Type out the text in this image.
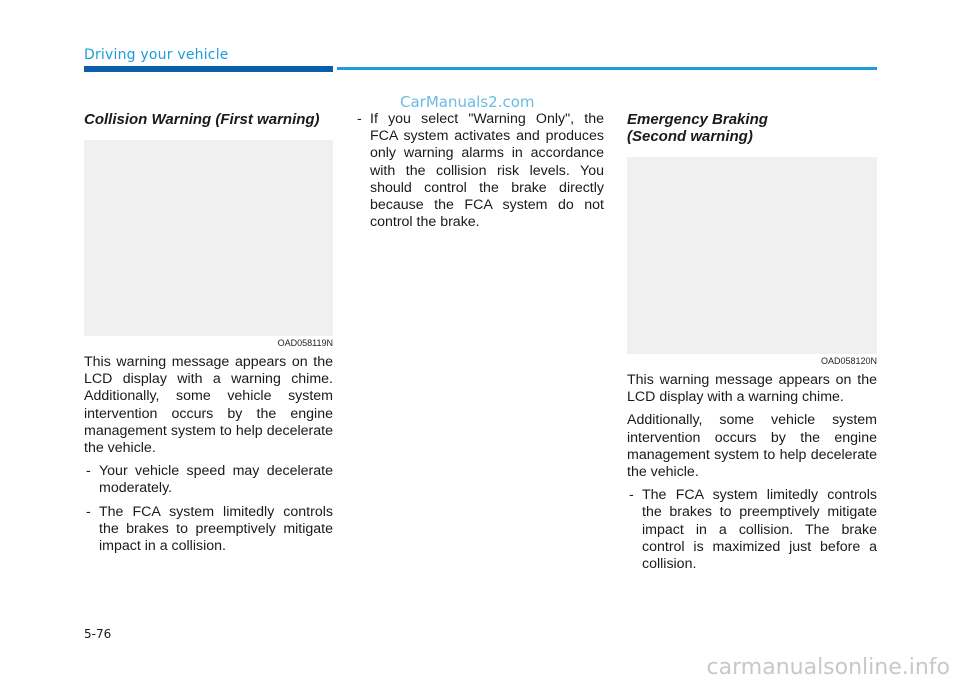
Driving your vehicle
CarManuals2.com
Collision Warning (First warning)
OAD058119N

This warning message appears on the LCD display with a warning chime. Additionally, some vehicle system intervention occurs by the engine management system to help decelerate the vehicle.

- Your vehicle speed may decelerate moderately.
- The FCA system limitedly controls the brakes to preemptively mitigate impact in a collision.
- If you select "Warning Only", the FCA system activates and produces only warning alarms in accordance with the collision risk levels. You should control the brake directly because the FCA system do not control the brake.
Emergency Braking
(Second warning)
OAD058120N

This warning message appears on the LCD display with a warning chime.

Additionally, some vehicle system intervention occurs by the engine management system to help decelerate the vehicle.

- The FCA system limitedly controls the brakes to preemptively mitigate impact in a collision. The brake control is maximized just before a collision.
5-76
carmanualsonline.info
